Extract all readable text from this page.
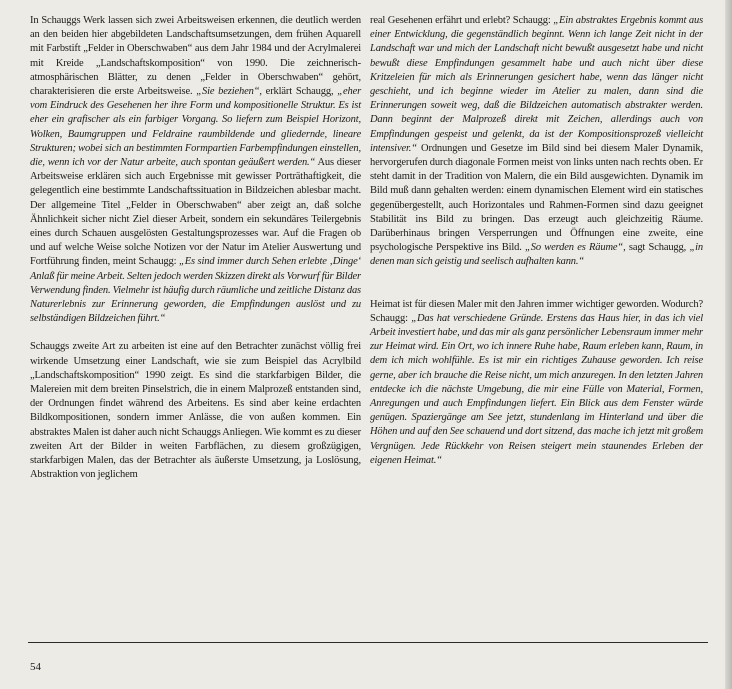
In Schauggs Werk lassen sich zwei Arbeitsweisen erkennen, die deutlich werden an den beiden hier abgebildeten Landschaftsumsetzungen, dem frühen Aquarell mit Farbstift „Felder in Oberschwaben“ aus dem Jahr 1984 und der Acrylmalerei mit Kreide „Landschaftskomposition“ von 1990. Die zeichnerisch-atmosphärischen Blätter, zu denen „Felder in Oberschwaben“ gehört, charakterisieren die erste Arbeitsweise. „Sie beziehen“, erklärt Schaugg, „eher vom Eindruck des Gesehenen her ihre Form und kompositionelle Struktur. Es ist eher ein grafischer als ein farbiger Vorgang. So liefern zum Beispiel Horizont, Wolken, Baumgruppen und Feldraine raumbildende und gliedernde, lineare Strukturen; wobei sich an bestimmten Formpartien Farbempfindungen einstellen, die, wenn ich vor der Natur arbeite, auch spontan geäußert werden.“ Aus dieser Arbeitsweise erklären sich auch Ergebnisse mit gewisser Porträthaftigkeit, die gelegentlich eine bestimmte Landschaftssituation in Bildzeichen ablesbar macht. Der allgemeine Titel „Felder in Oberschwaben“ aber zeigt an, daß solche Ähnlichkeit sicher nicht Ziel dieser Arbeit, sondern ein sekundäres Teilergebnis eines durch Schauen ausgelösten Gestaltungsprozesses war. Auf die Fragen ob und auf welche Weise solche Notizen vor der Natur im Atelier Auswertung und Fortführung finden, meint Schaugg: „Es sind immer durch Sehen erlebte ‚Dinge‘ Anlaß für meine Arbeit. Selten jedoch werden Skizzen direkt als Vorwurf für Bilder Verwendung finden. Vielmehr ist häufig durch räumliche und zeitliche Distanz das Naturerlebnis zur Erinnerung geworden, die Empfindungen auslöst und zu selbständigen Bildzeichen führt.“

Schauggs zweite Art zu arbeiten ist eine auf den Betrachter zunächst völlig frei wirkende Umsetzung einer Landschaft, wie sie zum Beispiel das Acrylbild „Landschaftskomposition“ 1990 zeigt. Es sind die starkfarbigen Bilder, die Malereien mit dem breiten Pinselstrich, die in einem Malprozeß entstanden sind, der Ordnungen findet während des Arbeitens. Es sind aber keine erdachten Bildkompositionen, sondern immer Anlässe, die von außen kommen. Ein abstraktes Malen ist daher auch nicht Schauggs Anliegen. Wie kommt es zu dieser zweiten Art der Bilder in weiten Farbflächen, zu diesem großzügigen, starkfarbigen Malen, das der Betrachter als äußerste Umsetzung, ja Loslösung, Abstraktion von jeglichem

real Gesehenen erfährt und erlebt? Schaugg: „Ein abstraktes Ergebnis kommt aus einer Entwicklung, die gegenständlich beginnt. Wenn ich lange Zeit nicht in der Landschaft war und mich der Landschaft nicht bewußt ausgesetzt habe und nicht bewußt diese Empfindungen gesammelt habe und auch nicht über diese Kritzeleien für mich als Erinnerungen gesichert habe, wenn das länger nicht geschieht, und ich beginne wieder im Atelier zu malen, dann sind die Erinnerungen soweit weg, daß die Bildzeichen automatisch abstrakter werden. Dann beginnt der Malprozeß direkt mit Zeichen, allerdings auch von Empfindungen gespeist und gelenkt, da ist der Kompositionsprozeß vielleicht intensiver.“ Ordnungen und Gesetze im Bild sind bei diesem Maler Dynamik, hervorgerufen durch diagonale Formen meist von links unten nach rechts oben. Er steht damit in der Tradition von Malern, die ein Bild ausgewichten. Dynamik im Bild muß dann gehalten werden: einem dynamischen Element wird ein statisches gegenübergestellt, auch Horizontales und Rahmen-Formen sind dazu geeignet Stabilität ins Bild zu bringen. Das erzeugt auch gleichzeitig Räume. Darüberhinaus bringen Versperrungen und Öffnungen eine zweite, eine psychologische Perspektive ins Bild. „So werden es Räume“, sagt Schaugg, „in denen man sich geistig und seelisch aufhalten kann.“

Heimat ist für diesen Maler mit den Jahren immer wichtiger geworden. Wodurch? Schaugg: „Das hat verschiedene Gründe. Erstens das Haus hier, in das ich viel Arbeit investiert habe, und das mir als ganz persönlicher Lebensraum immer mehr zur Heimat wird. Ein Ort, wo ich innere Ruhe habe, Raum erleben kann, Raum, in dem ich mich wohlfühle. Es ist mir ein richtiges Zuhause geworden. Ich reise gerne, aber ich brauche die Reise nicht, um mich anzuregen. In den letzten Jahren entdecke ich die nächste Umgebung, die mir eine Fülle von Material, Formen, Anregungen und auch Empfindungen liefert. Ein Blick aus dem Fenster würde genügen. Spaziergänge am See jetzt, stundenlang im Hinterland und über die Höhen und auf den See schauend und dort sitzend, das mache ich jetzt mit großem Vergnügen. Jede Rückkehr von Reisen steigert mein staunendes Erleben der eigenen Heimat.“

54
